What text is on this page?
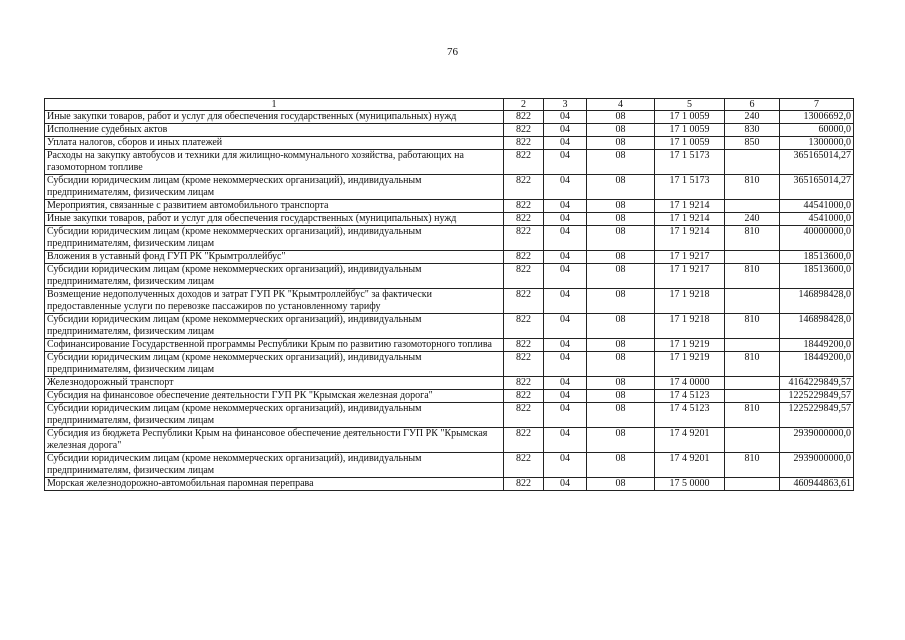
76
1	2	3	4	5	6	7
Иные закупки товаров, работ и услуг для обеспечения государственных (муниципальных) нужд	822	04	08	17 1 0059	240	13006692,0
Исполнение судебных актов	822	04	08	17 1 0059	830	60000,0
Уплата налогов, сборов и иных платежей	822	04	08	17 1 0059	850	1300000,0
Расходы на закупку автобусов и техники для жилищно-коммунального хозяйства, работающих на газомоторном топливе	822	04	08	17 1 5173		365165014,27
Субсидии юридическим лицам (кроме некоммерческих организаций), индивидуальным предпринимателям, физическим лицам	822	04	08	17 1 5173	810	365165014,27
Мероприятия, связанные с развитием автомобильного транспорта	822	04	08	17 1 9214		44541000,0
Иные закупки товаров, работ и услуг для обеспечения государственных (муниципальных) нужд	822	04	08	17 1 9214	240	4541000,0
Субсидии юридическим лицам (кроме некоммерческих организаций), индивидуальным предпринимателям, физическим лицам	822	04	08	17 1 9214	810	40000000,0
Вложения в уставный фонд ГУП РК "Крымтроллейбус"	822	04	08	17 1 9217		18513600,0
Субсидии юридическим лицам (кроме некоммерческих организаций), индивидуальным предпринимателям, физическим лицам	822	04	08	17 1 9217	810	18513600,0
Возмещение недополученных доходов и затрат ГУП РК "Крымтроллейбус" за фактически предоставленные услуги по перевозке пассажиров по установленному тарифу	822	04	08	17 1 9218		146898428,0
Субсидии юридическим лицам (кроме некоммерческих организаций), индивидуальным предпринимателям, физическим лицам	822	04	08	17 1 9218	810	146898428,0
Софинансирование Государственной программы Республики Крым по развитию газомоторного топлива	822	04	08	17 1 9219		18449200,0
Субсидии юридическим лицам (кроме некоммерческих организаций), индивидуальным предпринимателям, физическим лицам	822	04	08	17 1 9219	810	18449200,0
Железнодорожный транспорт	822	04	08	17 4 0000		4164229849,57
Субсидия на финансовое обеспечение деятельности ГУП РК "Крымская железная дорога"	822	04	08	17 4 5123		1225229849,57
Субсидии юридическим лицам (кроме некоммерческих организаций), индивидуальным предпринимателям, физическим лицам	822	04	08	17 4 5123	810	1225229849,57
Субсидия из бюджета Республики Крым на финансовое обеспечение деятельности ГУП РК "Крымская железная дорога"	822	04	08	17 4 9201		2939000000,0
Субсидии юридическим лицам (кроме некоммерческих организаций), индивидуальным предпринимателям, физическим лицам	822	04	08	17 4 9201	810	2939000000,0
Морская железнодорожно-автомобильная паромная переправа	822	04	08	17 5 0000		460944863,61
